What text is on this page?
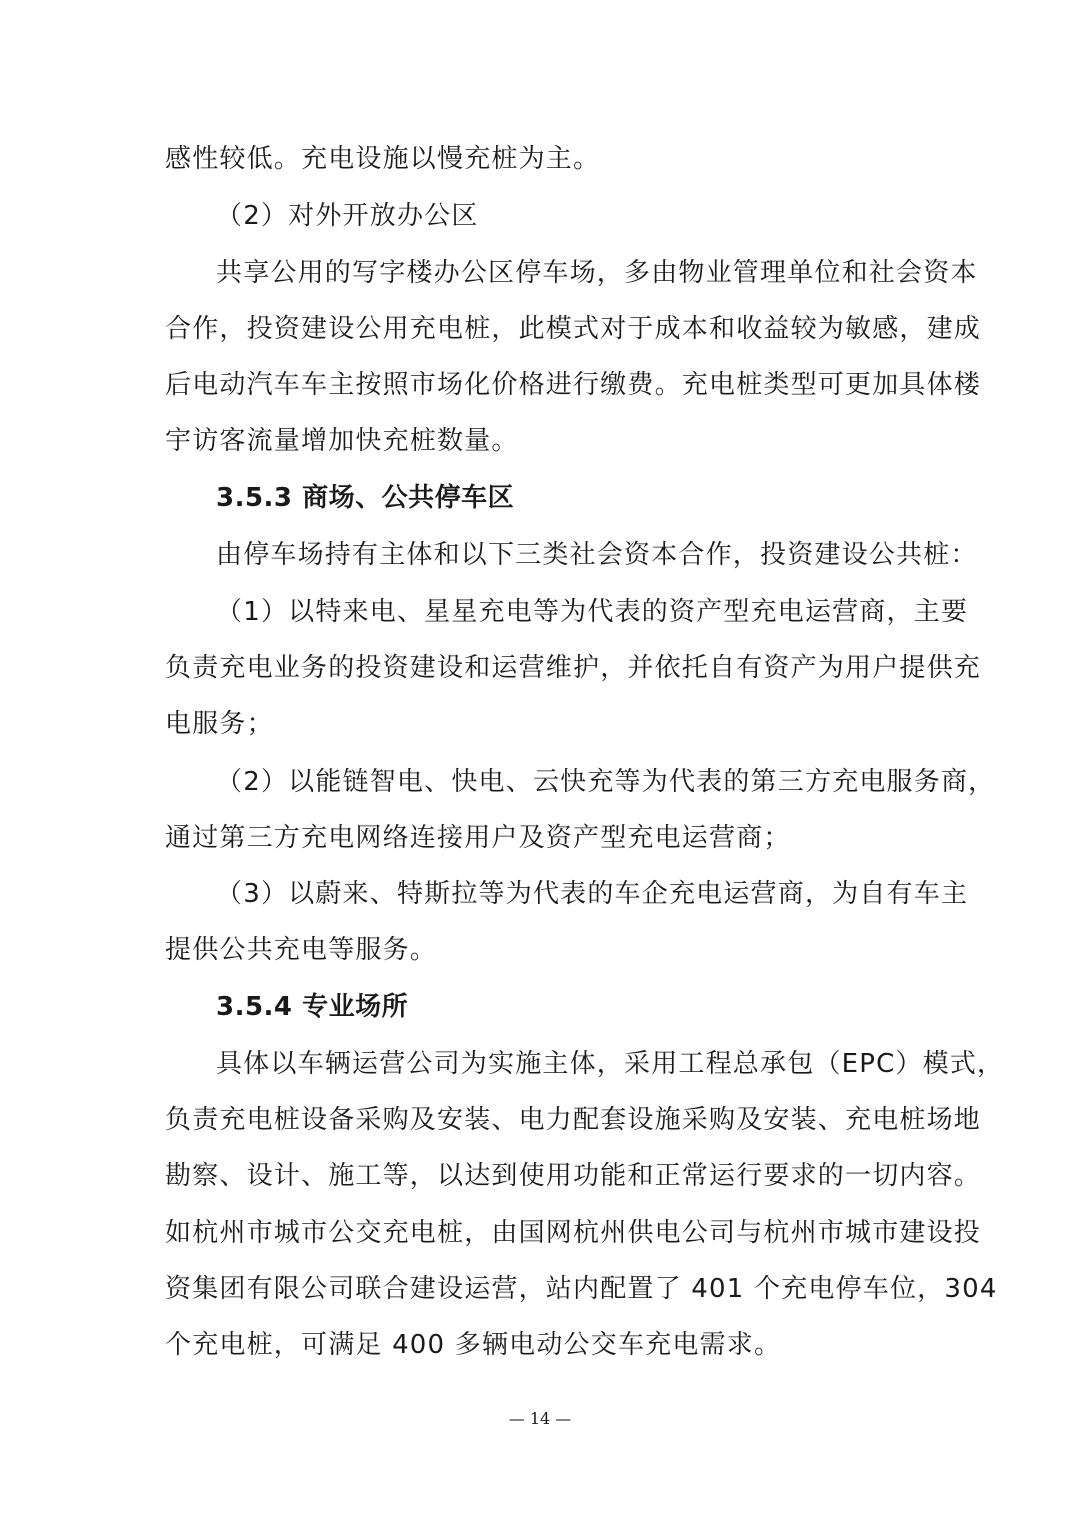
感性较低。充电设施以慢充桩为主。
（2）对外开放办公区
共享公用的写字楼办公区停车场，多由物业管理单位和社会资本
合作，投资建设公用充电桩，此模式对于成本和收益较为敏感，建成
后电动汽车车主按照市场化价格进行缴费。充电桩类型可更加具体楼
宇访客流量增加快充桩数量。
3.5.3 商场、公共停车区
由停车场持有主体和以下三类社会资本合作，投资建设公共桩：
（1）以特来电、星星充电等为代表的资产型充电运营商，主要
负责充电业务的投资建设和运营维护，并依托自有资产为用户提供充
电服务；
（2）以能链智电、快电、云快充等为代表的第三方充电服务商，
通过第三方充电网络连接用户及资产型充电运营商；
（3）以蔚来、特斯拉等为代表的车企充电运营商，为自有车主
提供公共充电等服务。
3.5.4 专业场所
具体以车辆运营公司为实施主体，采用工程总承包（EPC）模式，
负责充电桩设备采购及安装、电力配套设施采购及安装、充电桩场地
勘察、设计、施工等，以达到使用功能和正常运行要求的一切内容。
如杭州市城市公交充电桩，由国网杭州供电公司与杭州市城市建设投
资集团有限公司联合建设运营，站内配置了 401 个充电停车位，304
个充电桩，可满足 400 多辆电动公交车充电需求。
— 14 —
